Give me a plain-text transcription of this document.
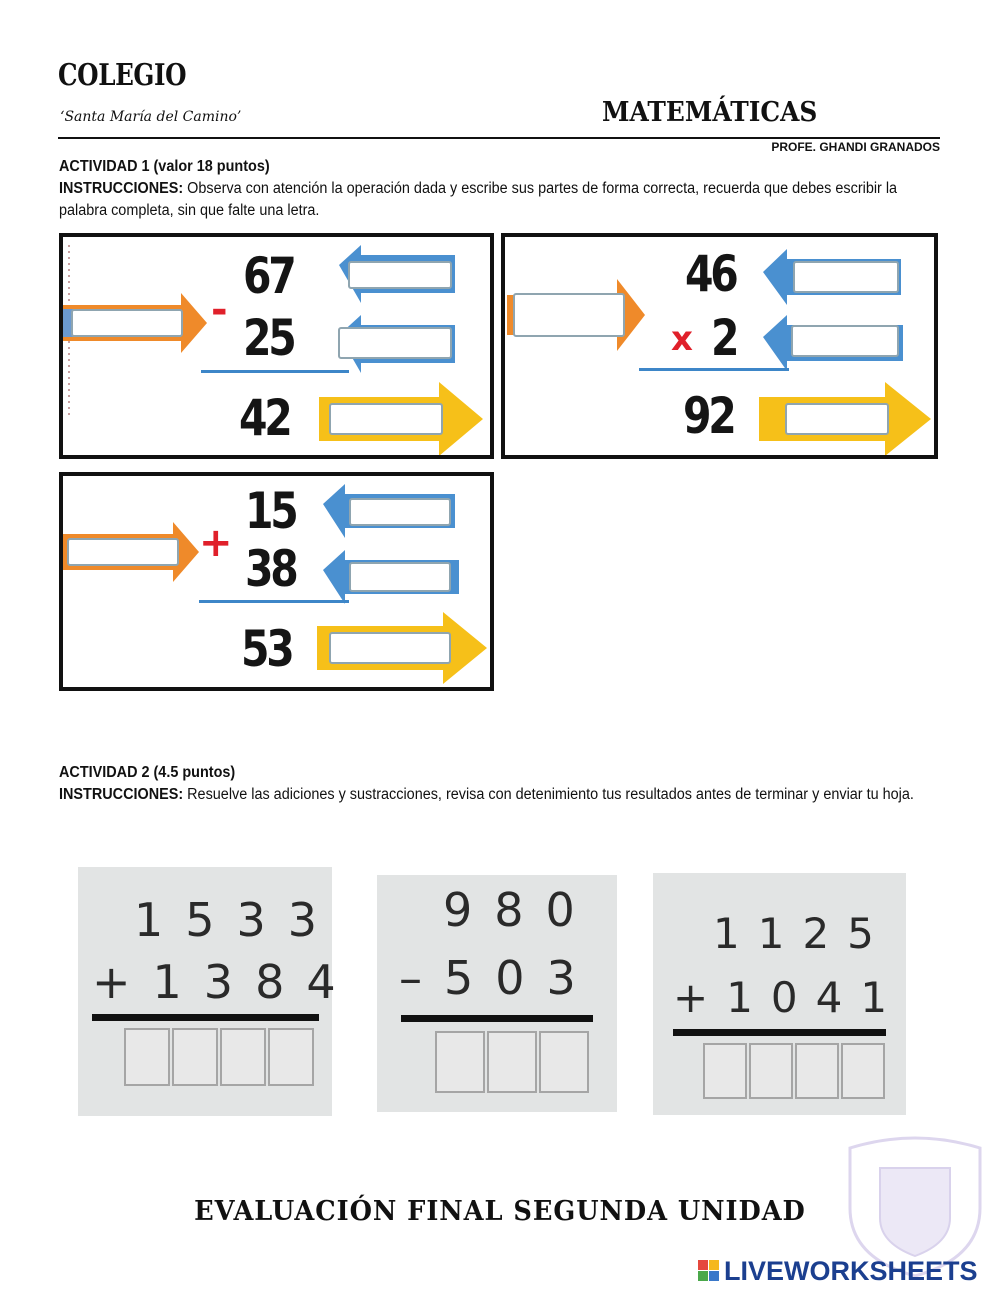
COLEGIO
‘Santa María del Camino’	MATEMÁTICAS
PROFE. GHANDI GRANADOS
ACTIVIDAD 1 (valor 18 puntos)
INSTRUCCIONES: Observa con atención la operación dada y escribe sus partes de forma correcta, recuerda que debes escribir la palabra completa, sin que falte una letra.
-
67
25
42
x
46
2
92
+
15
38
53
ACTIVIDAD 2 (4.5 puntos)
INSTRUCCIONES: Resuelve las adiciones y sustracciones, revisa con detenimiento tus resultados antes de terminar y enviar tu hoja.
1533
+1384
980
–503
1125
+1041
EVALUACIÓN FINAL SEGUNDA UNIDAD
LIVEWORKSHEETS
